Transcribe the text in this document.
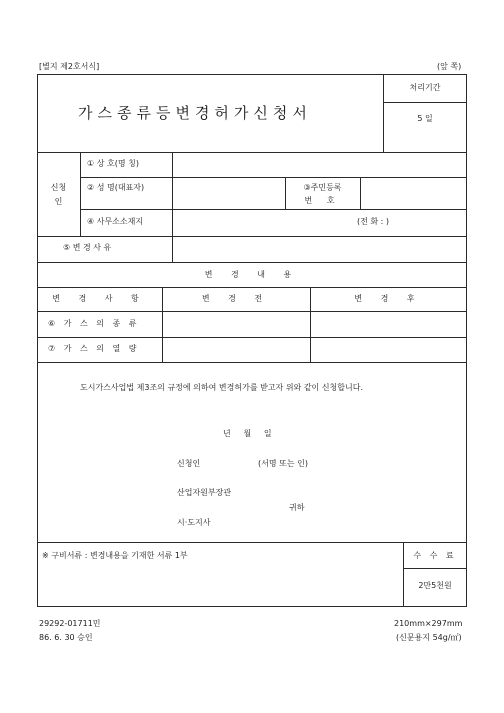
[별지 제2호서식]	(앞 쪽)
가스종류등변경허가신청서
처리기간
5 일
신청
인
① 상 호(명 칭)
② 성 명(대표자)	③주민등록
번 호
④ 사무소소재지	(전 화 : )
⑤ 변 경 사 유
변 경 내 용
변 경 사 항	변 경 전	변 경 후
⑥ 가 스 의 종 류
⑦ 가 스 의 열 량
도시가스사업법 제3조의 규정에 의하여 변경허가를 받고자 위와 같이 신청합니다.
년     월     일
신청인	(서명 또는 인)
산업자원부장관
귀하
시·도지사
※ 구비서류 : 변경내용을 기재한 서류 1부	수 수 료
2만5천원
29292-01711민
86. 6. 30 승인
210mm×297mm
(신문용지 54g/㎡)
